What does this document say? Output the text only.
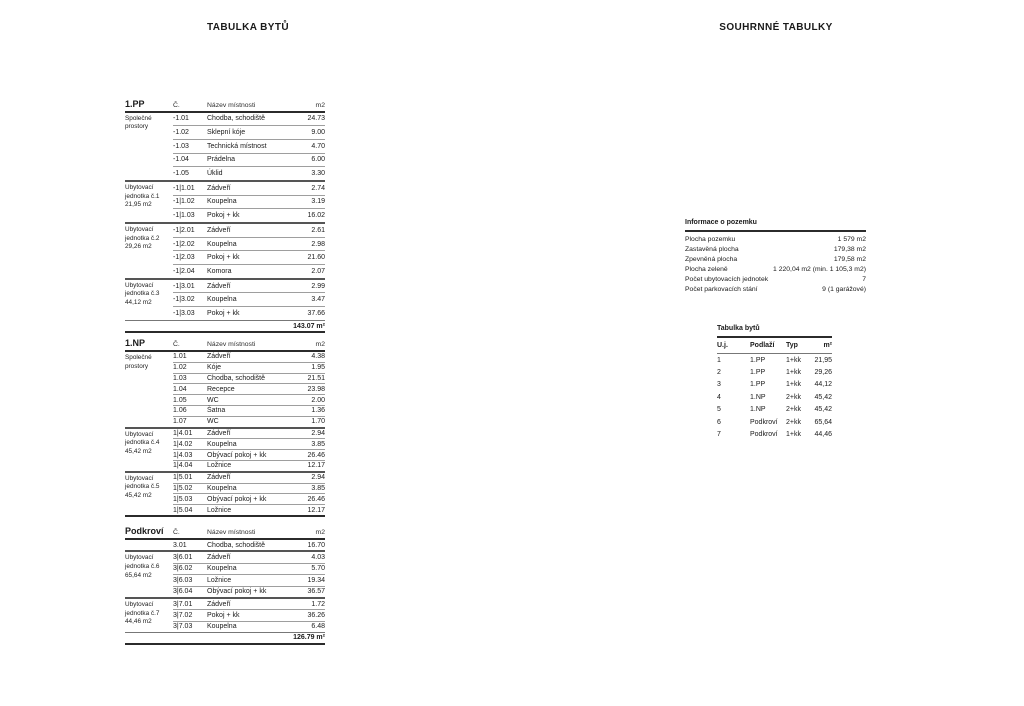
TABULKA BYTŮ	SOUHRNNÉ TABULKY
1.PP	Č.	Název místnosti	m2
Společné
prostory
-1.01	Chodba, schodiště	24.73
-1.02	Sklepní kóje	9.00
-1.03	Technická místnost	4.70
-1.04	Prádelna	6.00
-1.05	Úklid	3.30
Ubytovací
jednotka č.1
21,95 m2
-1|1.01	Zádveří	2.74
-1|1.02	Koupelna	3.19
-1|1.03	Pokoj + kk	16.02
Ubytovací
jednotka č.2
29,26 m2
-1|2.01	Zádveří	2.61
-1|2.02	Koupelna	2.98
-1|2.03	Pokoj + kk	21.60
-1|2.04	Komora	2.07
Ubytovací
jednotka č.3
44,12 m2
-1|3.01	Zádveří	2.99
-1|3.02	Koupelna	3.47
-1|3.03	Pokoj + kk	37.66
143.07 m²
1.NP	Č.	Název místnosti	m2
Společné
prostory
1.01	Zádveří	4.38
1.02	Kóje	1.95
1.03	Chodba, schodiště	21.51
1.04	Recepce	23.98
1.05	WC	2.00
1.06	Šatna	1.36
1.07	WC	1.70
Ubytovací
jednotka č.4
45,42 m2
1|4.01	Zádveří	2.94
1|4.02	Koupelna	3.85
1|4.03	Obývací pokoj + kk	26.46
1|4.04	Ložnice	12.17
Ubytovací
jednotka č.5
45,42 m2
1|5.01	Zádveří	2.94
1|5.02	Koupelna	3.85
1|5.03	Obývací pokoj + kk	26.46
1|5.04	Ložnice	12.17
Podkroví	Č.	Název místnosti	m2
3.01	Chodba, schodiště	16.70
Ubytovací
jednotka č.6
65,64 m2
3|6.01	Zádveří	4.03
3|6.02	Koupelna	5.70
3|6.03	Ložnice	19.34
3|6.04	Obývací pokoj + kk	36.57
Ubytovací
jednotka č.7
44,46 m2
3|7.01	Zádveří	1.72
3|7.02	Pokoj + kk	36.26
3|7.03	Koupelna	6.48
126.79 m²
Informace o pozemku
Plocha pozemku	1 579 m2
Zastavěná plocha	179,38 m2
Zpevněná plocha	179,58 m2
Plocha zeleně	1 220,04 m2 (min. 1 105,3 m2)
Počet ubytovacích jednotek	7
Počet parkovacích stání	9 (1 garážové)
Tabulka bytů
U.j.	Podlaží	Typ	m²
1	1.PP	1+kk	21,95
2	1.PP	1+kk	29,26
3	1.PP	1+kk	44,12
4	1.NP	2+kk	45,42
5	1.NP	2+kk	45,42
6	Podkroví	2+kk	65,64
7	Podkroví	1+kk	44,46
